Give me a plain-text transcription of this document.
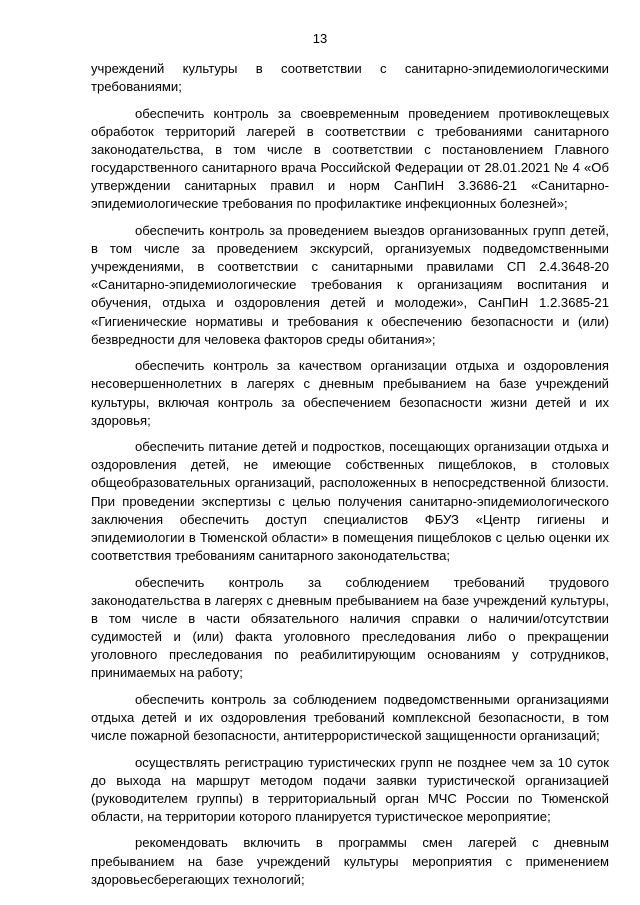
13

учреждений культуры в соответствии с санитарно-эпидемиологическими требованиями;

обеспечить контроль за своевременным проведением противоклещевых обработок территорий лагерей в соответствии с требованиями санитарного законодательства, в том числе в соответствии с постановлением Главного государственного санитарного врача Российской Федерации от 28.01.2021 № 4 «Об утверждении санитарных правил и норм СанПиН 3.3686-21 «Санитарно-эпидемиологические требования по профилактике инфекционных болезней»;

обеспечить контроль за проведением выездов организованных групп детей, в том числе за проведением экскурсий, организуемых подведомственными учреждениями, в соответствии с санитарными правилами СП 2.4.3648-20 «Санитарно-эпидемиологические требования к организациям воспитания и обучения, отдыха и оздоровления детей и молодежи», СанПиН 1.2.3685-21 «Гигиенические нормативы и требования к обеспечению безопасности и (или) безвредности для человека факторов среды обитания»;

обеспечить контроль за качеством организации отдыха и оздоровления несовершеннолетних в лагерях с дневным пребыванием на базе учреждений культуры, включая контроль за обеспечением безопасности жизни детей и их здоровья;

обеспечить питание детей и подростков, посещающих организации отдыха и оздоровления детей, не имеющие собственных пищеблоков, в столовых общеобразовательных организаций, расположенных в непосредственной близости. При проведении экспертизы с целью получения санитарно-эпидемиологического заключения обеспечить доступ специалистов ФБУЗ «Центр гигиены и эпидемиологии в Тюменской области» в помещения пищеблоков с целью оценки их соответствия требованиям санитарного законодательства;

обеспечить контроль за соблюдением требований трудового законодательства в лагерях с дневным пребыванием на базе учреждений культуры, в том числе в части обязательного наличия справки о наличии/отсутствии судимостей и (или) факта уголовного преследования либо о прекращении уголовного преследования по реабилитирующим основаниям у сотрудников, принимаемых на работу;

обеспечить контроль за соблюдением подведомственными организациями отдыха детей и их оздоровления требований комплексной безопасности, в том числе пожарной безопасности, антитеррористической защищенности организаций;

осуществлять регистрацию туристических групп не позднее чем за 10 суток до выхода на маршрут методом подачи заявки туристической организацией (руководителем группы) в территориальный орган МЧС России по Тюменской области, на территории которого планируется туристическое мероприятие;

рекомендовать включить в программы смен лагерей с дневным пребыванием на базе учреждений культуры мероприятия с применением здоровьесберегающих технологий;
